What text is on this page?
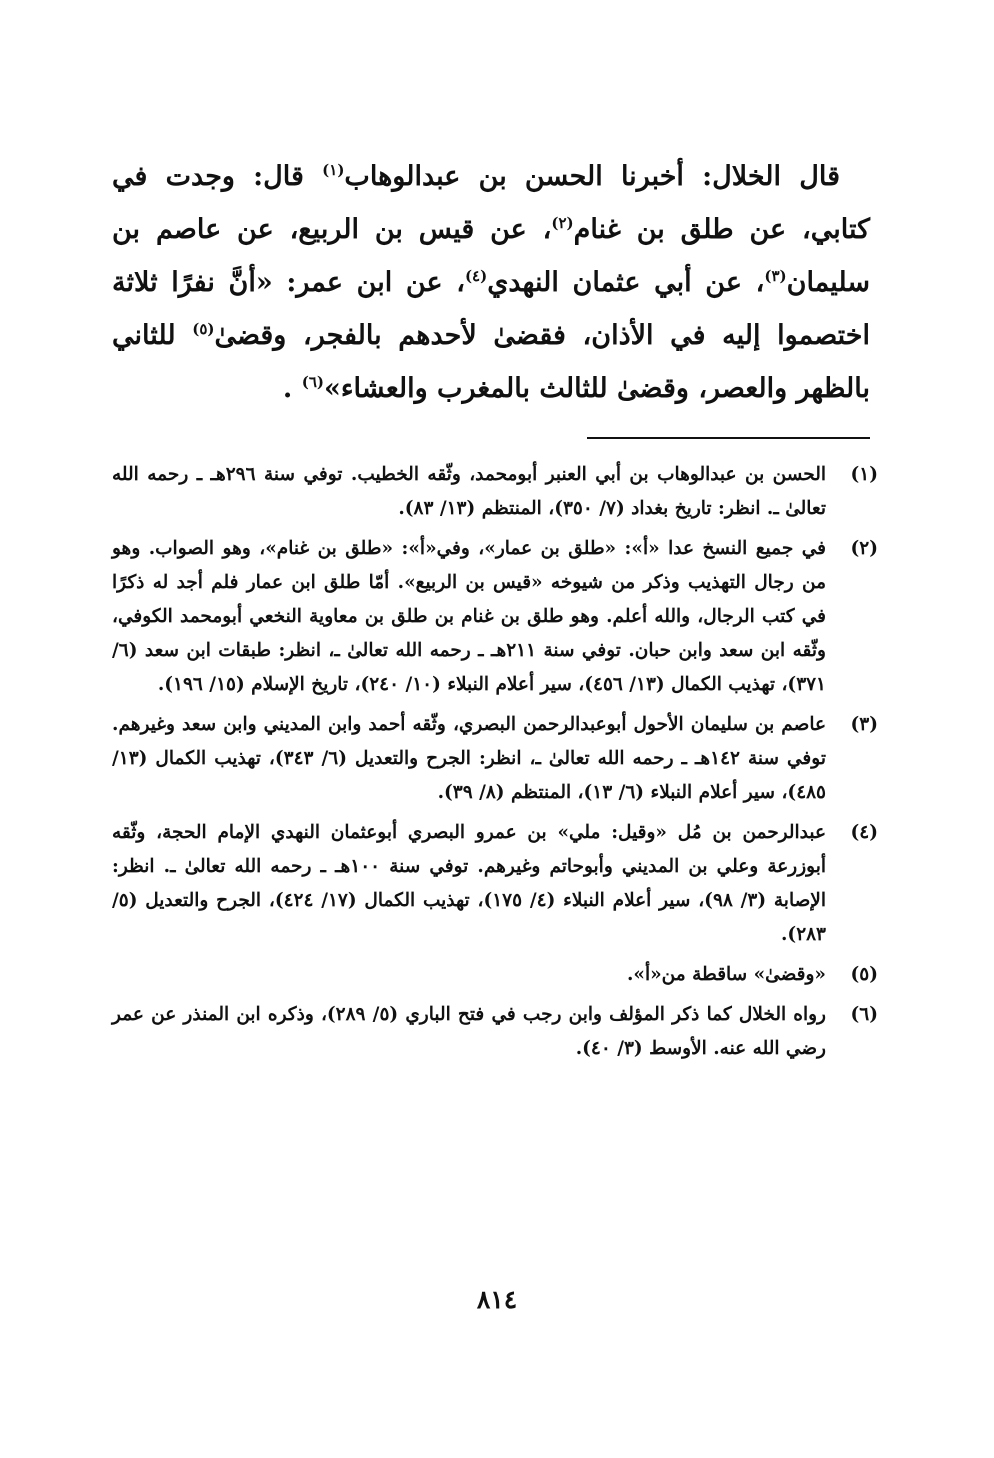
قال الخلال: أخبرنا الحسن بن عبدالوهاب$^{(١)}$ قال: وجدت في كتابي، عن طلق بن غنام$^{(٢)}$، عن قيس بن الربيع، عن عاصم بن سليمان$^{(٣)}$، عن أبي عثمان النهدي$^{(٤)}$، عن ابن عمر: «أنَّ نفرًا ثلاثة اختصموا إليه في الأذان، فقضىٰ لأحدهم بالفجر، وقضىٰ$^{(٥)}$ للثاني بالظهر والعصر، وقضىٰ للثالث بالمغرب والعشاء»$^{(٦)}$ .

(١)
الحسن بن عبدالوهاب بن أبي العنبر أبومحمد، وثّقه الخطيب. توفي سنة ٢٩٦هـ ـ رحمه الله تعالىٰ ـ. انظر: تاريخ بغداد (٧/ ٣٥٠)، المنتظم (١٣/ ٨٣).
(٢)
في جميع النسخ عدا «أ»: «طلق بن عمار»، وفي«أ»: «طلق بن غنام»، وهو الصواب. وهو من رجال التهذيب وذكر من شيوخه «قيس بن الربيع». أمّا طلق ابن عمار فلم أجد له ذكرًا في كتب الرجال، والله أعلم. وهو طلق بن غنام بن طلق بن معاوية النخعي أبومحمد الكوفي، وثّقه ابن سعد وابن حبان. توفي سنة ٢١١هـ ـ رحمه الله تعالىٰ ـ، انظر: طبقات ابن سعد (٦/ ٣٧١)، تهذيب الكمال (١٣/ ٤٥٦)، سير أعلام النبلاء (١٠/ ٢٤٠)، تاريخ الإسلام (١٥/ ١٩٦).
(٣)
عاصم بن سليمان الأحول أبوعبدالرحمن البصري، وثّقه أحمد وابن المديني وابن سعد وغيرهم. توفي سنة ١٤٢هـ ـ رحمه الله تعالىٰ ـ، انظر: الجرح والتعديل (٦/ ٣٤٣)، تهذيب الكمال (١٣/ ٤٨٥)، سير أعلام النبلاء (٦/ ١٣)، المنتظم (٨/ ٣٩).
(٤)
عبدالرحمن بن مُل «وقيل: ملي» بن عمرو البصري أبوعثمان النهدي الإمام الحجة، وثّقه أبوزرعة وعلي بن المديني وأبوحاتم وغيرهم. توفي سنة ١٠٠هـ ـ رحمه الله تعالىٰ ـ. انظر: الإصابة (٣/ ٩٨)، سير أعلام النبلاء (٤/ ١٧٥)، تهذيب الكمال (١٧/ ٤٢٤)، الجرح والتعديل (٥/ ٢٨٣).
(٥)
«وقضىٰ» ساقطة من«أ».
(٦)
رواه الخلال كما ذكر المؤلف وابن رجب في فتح الباري (٥/ ٢٨٩)، وذكره ابن المنذر عن عمر رضي الله عنه. الأوسط (٣/ ٤٠).
٨١٤
